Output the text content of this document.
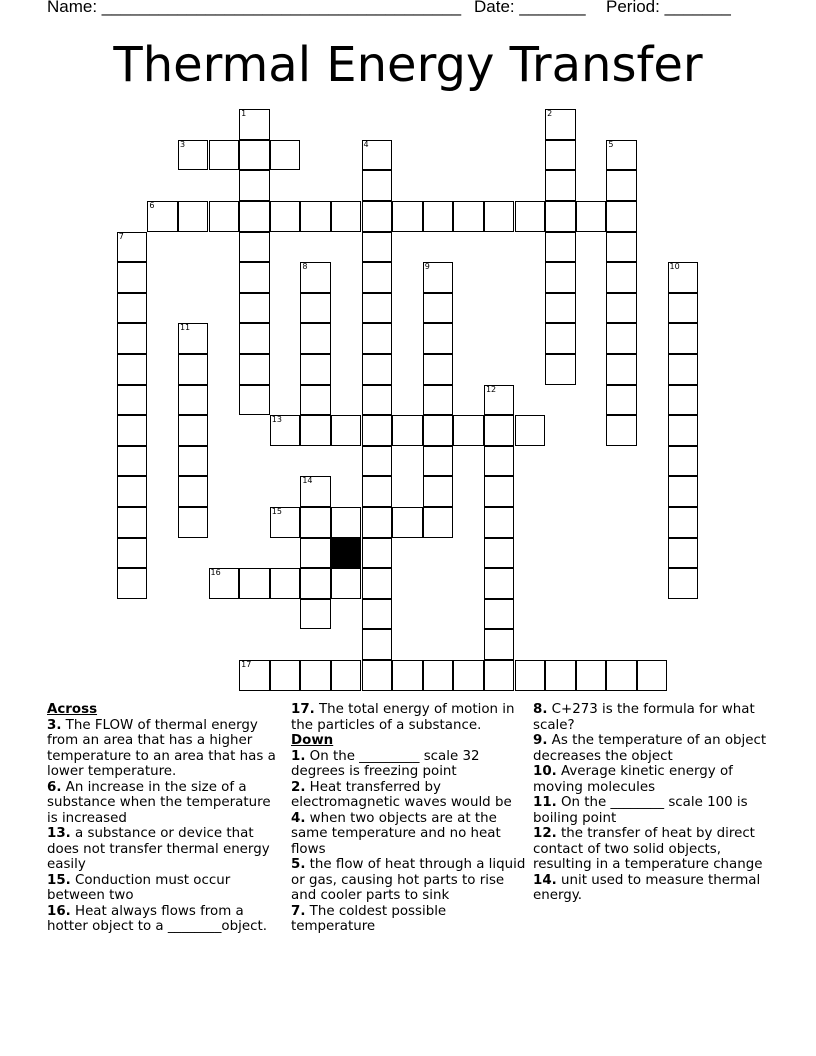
Name: ______________________________________ Date: _______ Period: _______
Thermal Energy Transfer
1	2
3	4	5
6
7
8	9	10
11
12
13
14
15
16
17

Across

3. The FLOW of thermal energy from an area that has a higher temperature to an area that has a lower temperature.

6. An increase in the size of a substance when the temperature is increased

13. a substance or device that does not transfer thermal energy easily

15. Conduction must occur between two

16. Heat always flows from a hotter object to a ________object.

17. The total energy of motion in the particles of a substance.

Down

1. On the _________ scale 32 degrees is freezing point

2. Heat transferred by electromagnetic waves would be

4. when two objects are at the same temperature and no heat flows

5. the flow of heat through a liquid or gas, causing hot parts to rise and cooler parts to sink

7. The coldest possible temperature

8. C+273 is the formula for what scale?

9. As the temperature of an object decreases the object

10. Average kinetic energy of moving molecules

11. On the ________ scale 100 is boiling point

12. the transfer of heat by direct contact of two solid objects, resulting in a temperature change

14. unit used to measure thermal energy.
